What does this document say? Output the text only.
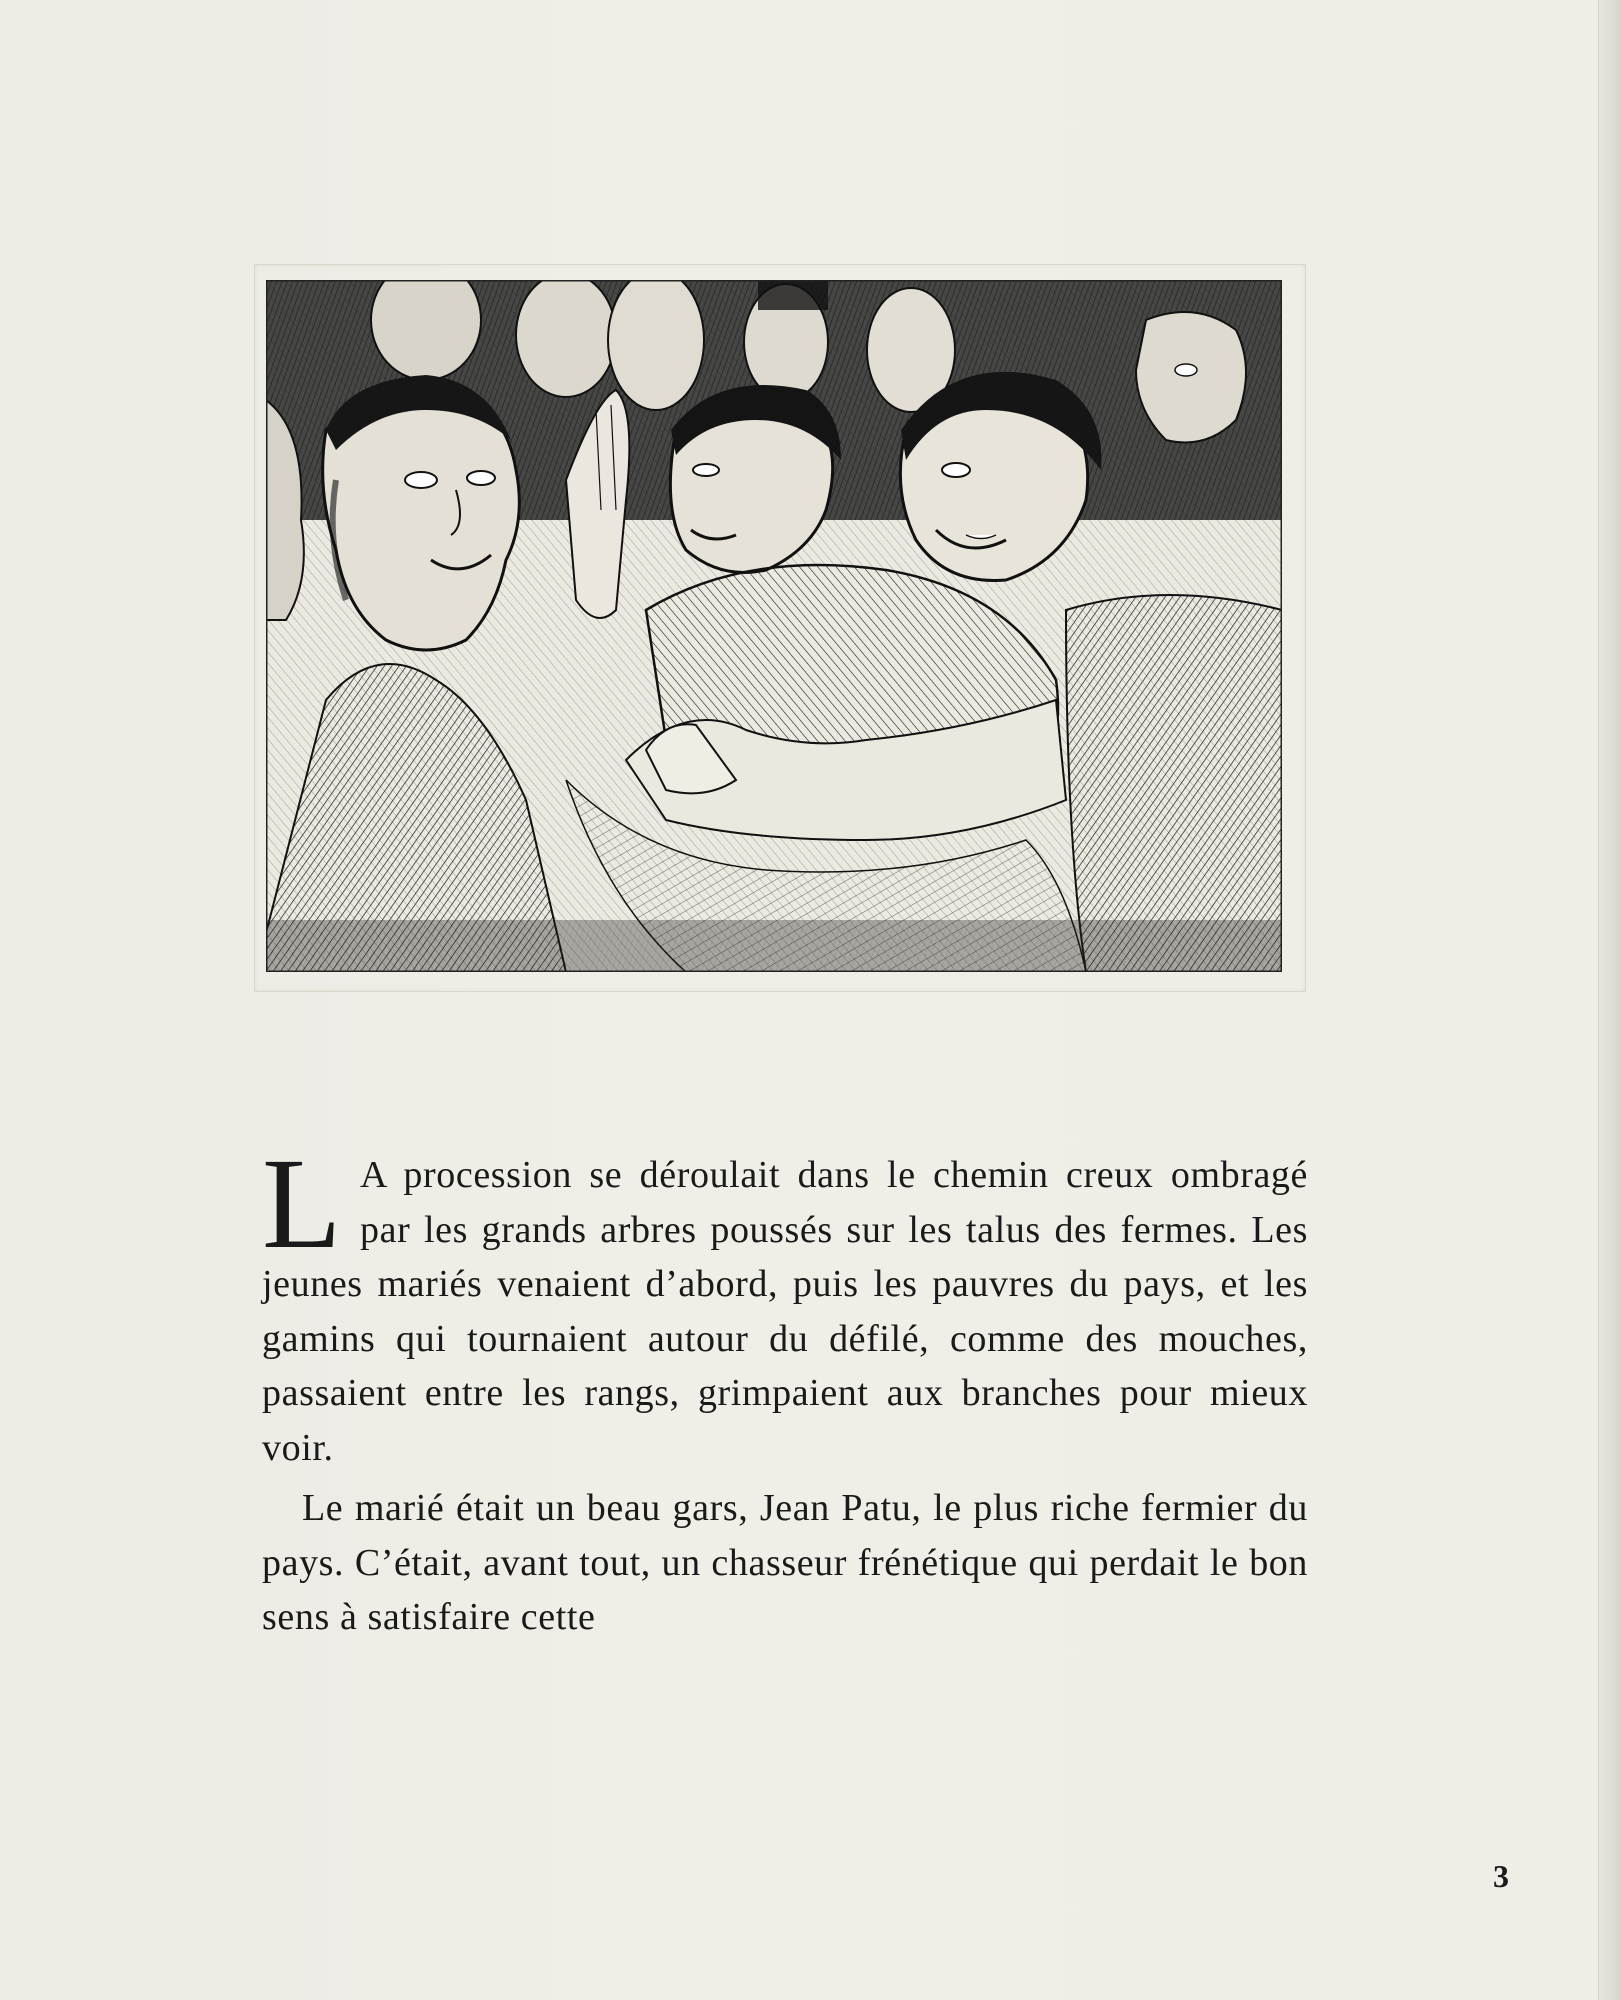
L A procession se déroulait dans le chemin creux ombragé par les grands arbres poussés sur les talus des fermes. Les jeunes mariés venaient d’abord, puis les pauvres du pays, et les gamins qui tournaient autour du défilé, comme des mouches, passaient entre les rangs, grimpaient aux branches pour mieux voir.

Le marié était un beau gars, Jean Patu, le plus riche fermier du pays. C’était, avant tout, un chasseur frénétique qui perdait le bon sens à satisfaire cette

3
